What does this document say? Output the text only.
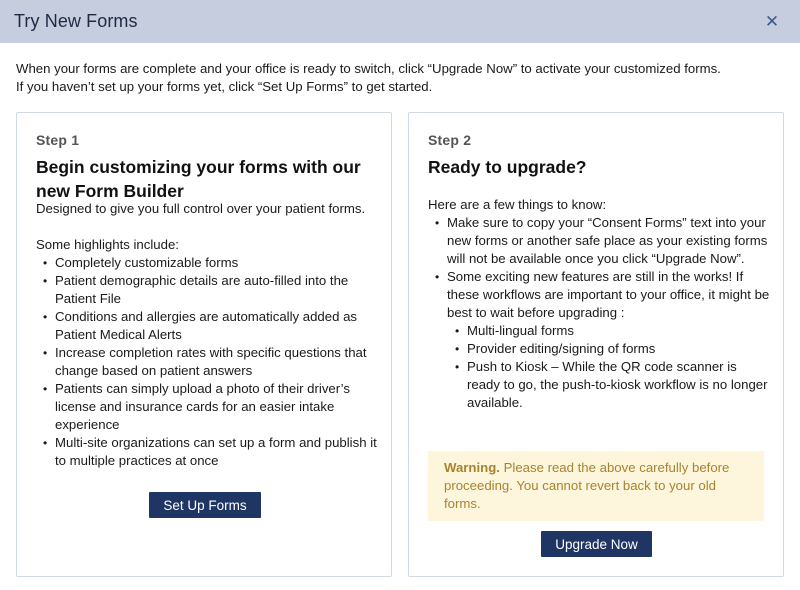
Try New Forms	✕
When your forms are complete and your office is ready to switch, click “Upgrade Now” to activate your customized forms.
If you haven’t set up your forms yet, click “Set Up Forms” to get started.
Step 1
Begin customizing your forms with our new Form Builder
Designed to give you full control over your patient forms.
Some highlights include:
• Completely customizable forms
• Patient demographic details are auto-filled into the Patient File
• Conditions and allergies are automatically added as Patient Medical Alerts
• Increase completion rates with specific questions that change based on patient answers
• Patients can simply upload a photo of their driver’s license and insurance cards for an easier intake experience
• Multi-site organizations can set up a form and publish it to multiple practices at once
Set Up Forms
Step 2
Ready to upgrade?
Here are a few things to know:
• Make sure to copy your “Consent Forms” text into your new forms or another safe place as your existing forms will not be available once you click “Upgrade Now”.
• Some exciting new features are still in the works! If these workflows are important to your office, it might be best to wait before upgrading :
• Multi-lingual forms
• Provider editing/signing of forms
• Push to Kiosk – While the QR code scanner is ready to go, the push-to-kiosk workflow is no longer available.
Warning. Please read the above carefully before proceeding. You cannot revert back to your old forms.
Upgrade Now
